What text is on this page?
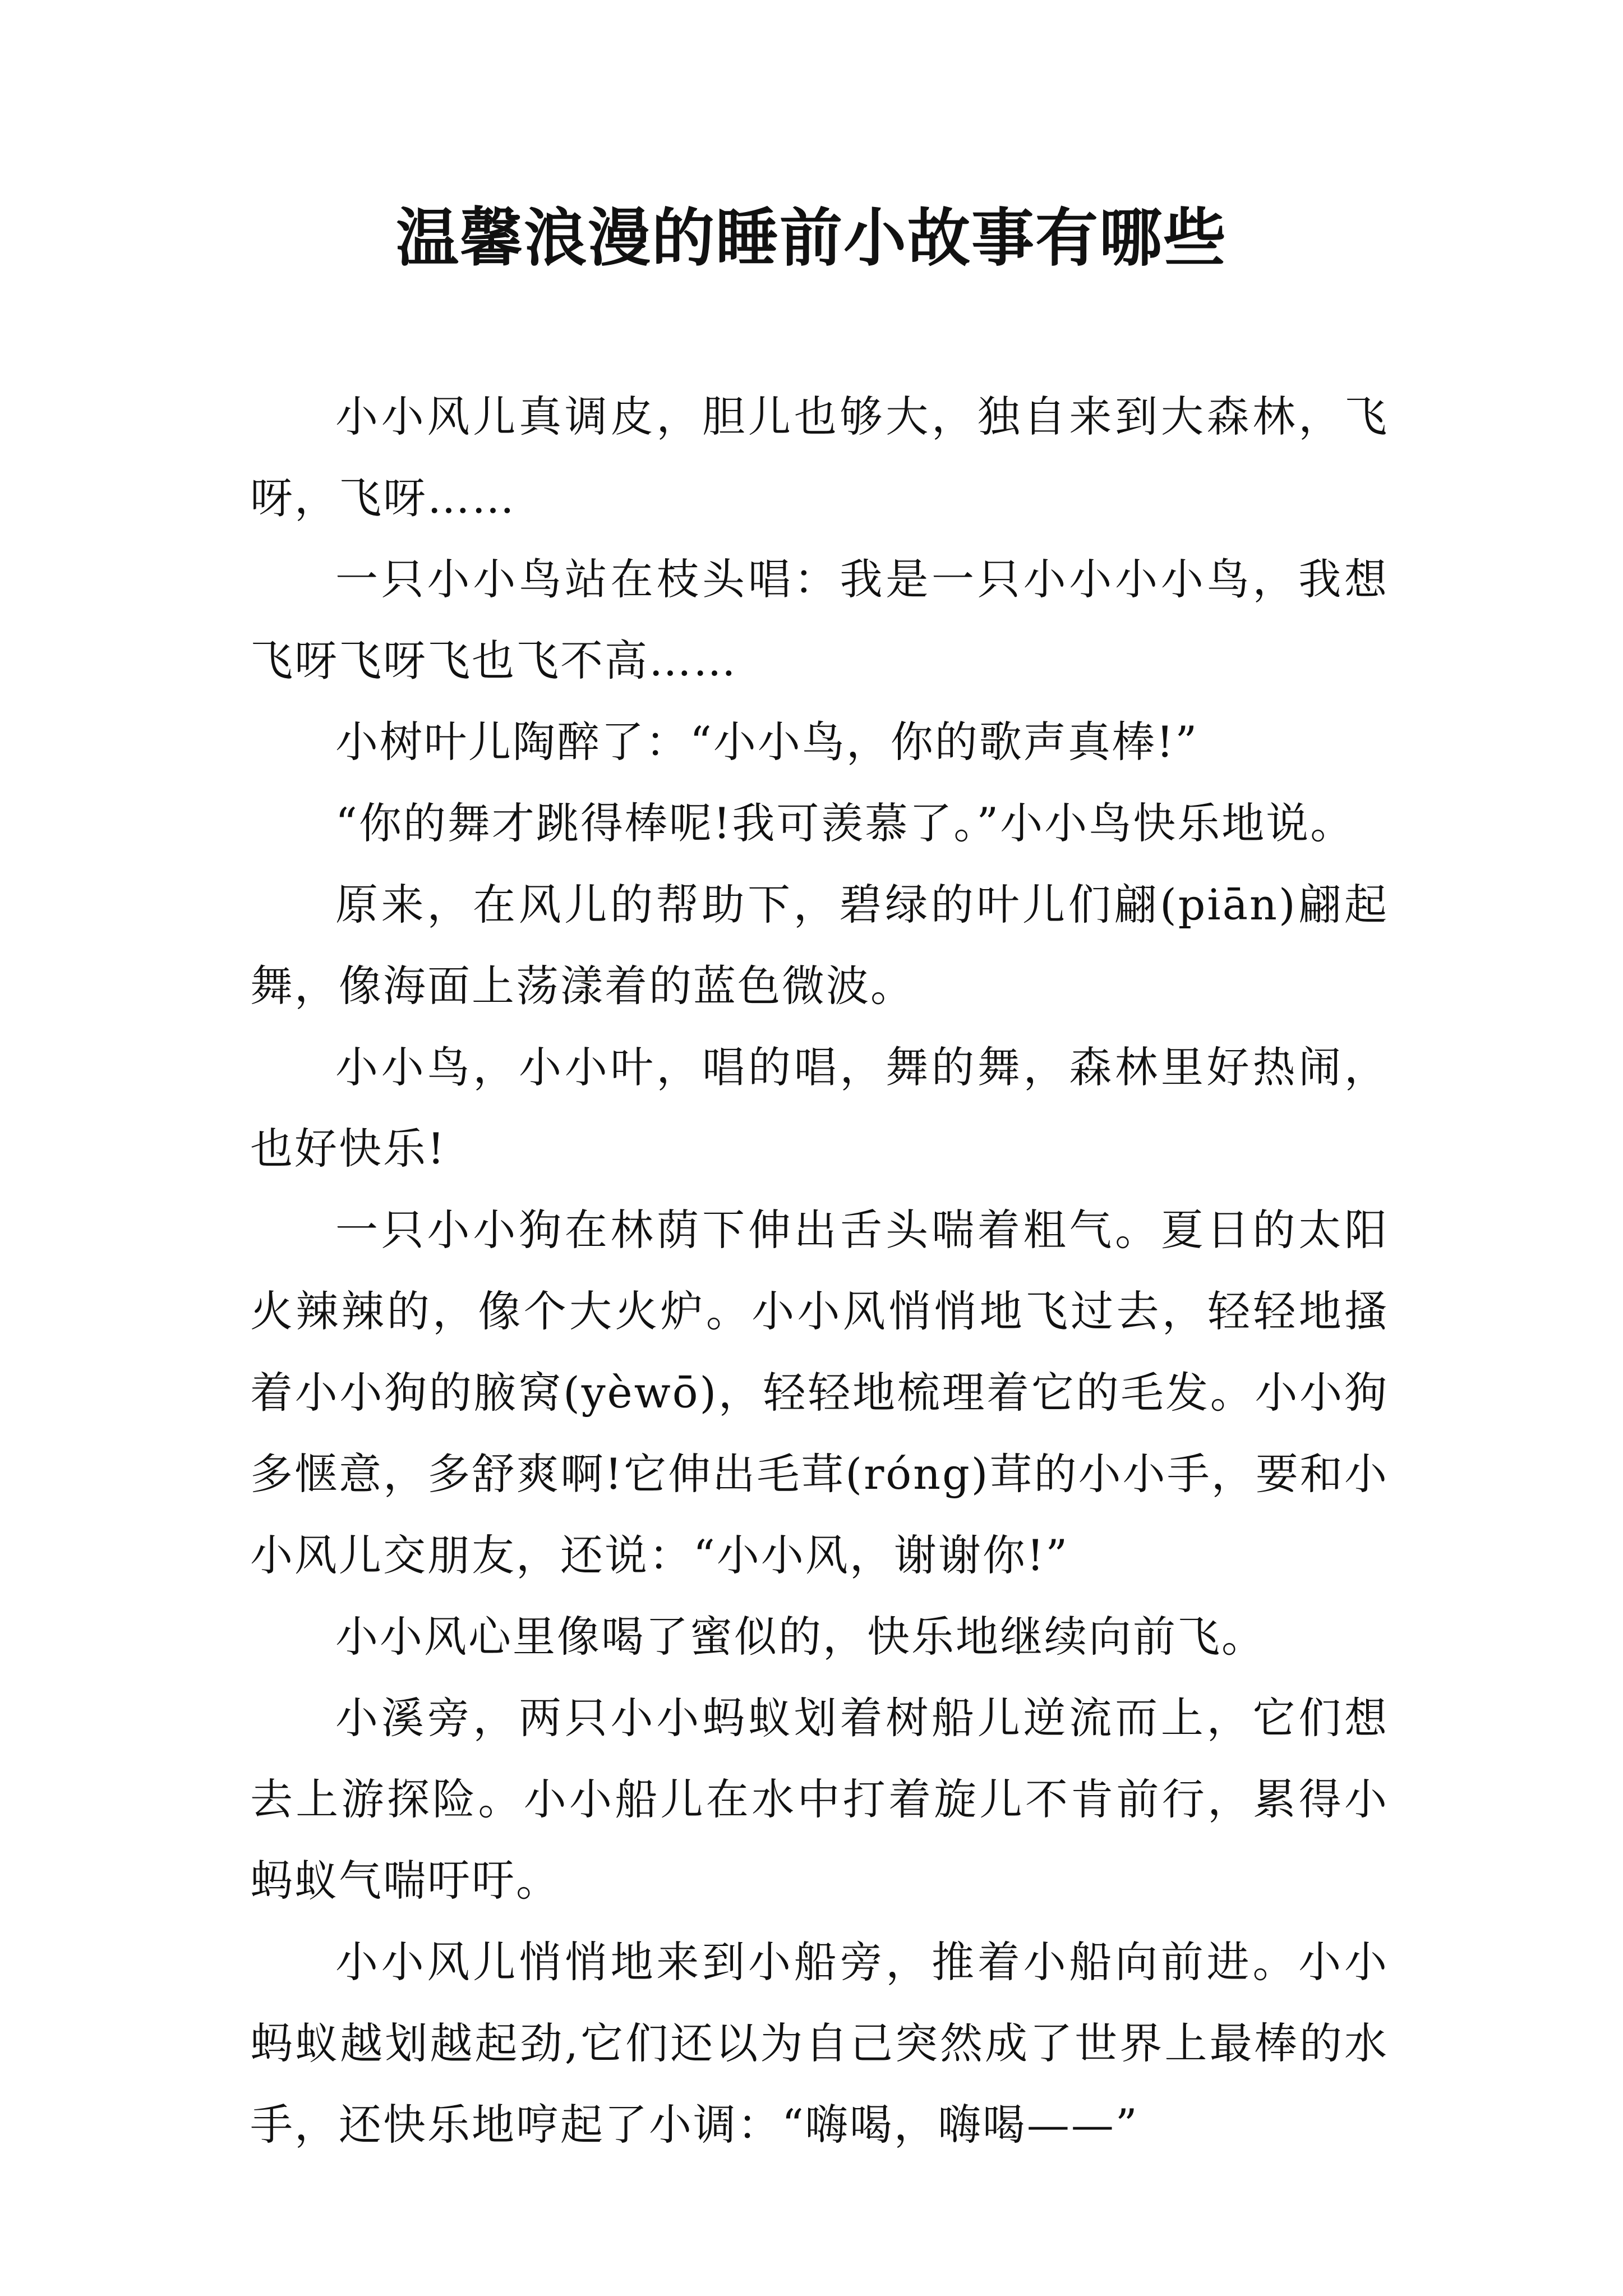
温馨浪漫的睡前小故事有哪些

小小风儿真调皮，胆儿也够大，独自来到大森林，飞呀，飞呀……

一只小小鸟站在枝头唱：我是一只小小小小鸟，我想飞呀飞呀飞也飞不高……

小树叶儿陶醉了：“小小鸟，你的歌声真棒!”

“你的舞才跳得棒呢!我可羡慕了。”小小鸟快乐地说。

原来，在风儿的帮助下，碧绿的叶儿们翩(piān)翩起舞，像海面上荡漾着的蓝色微波。

小小鸟，小小叶，唱的唱，舞的舞，森林里好热闹，也好快乐!

一只小小狗在林荫下伸出舌头喘着粗气。夏日的太阳火辣辣的，像个大火炉。小小风悄悄地飞过去，轻轻地搔着小小狗的腋窝(yèwō)，轻轻地梳理着它的毛发。小小狗多惬意，多舒爽啊!它伸出毛茸(róng)茸的小小手，要和小小风儿交朋友，还说：“小小风，谢谢你!”

小小风心里像喝了蜜似的，快乐地继续向前飞。

小溪旁，两只小小蚂蚁划着树船儿逆流而上，它们想去上游探险。小小船儿在水中打着旋儿不肯前行，累得小蚂蚁气喘吁吁。

小小风儿悄悄地来到小船旁，推着小船向前进。小小蚂蚁越划越起劲,它们还以为自己突然成了世界上最棒的水手，还快乐地哼起了小调：“嗨喝，嗨喝——”
